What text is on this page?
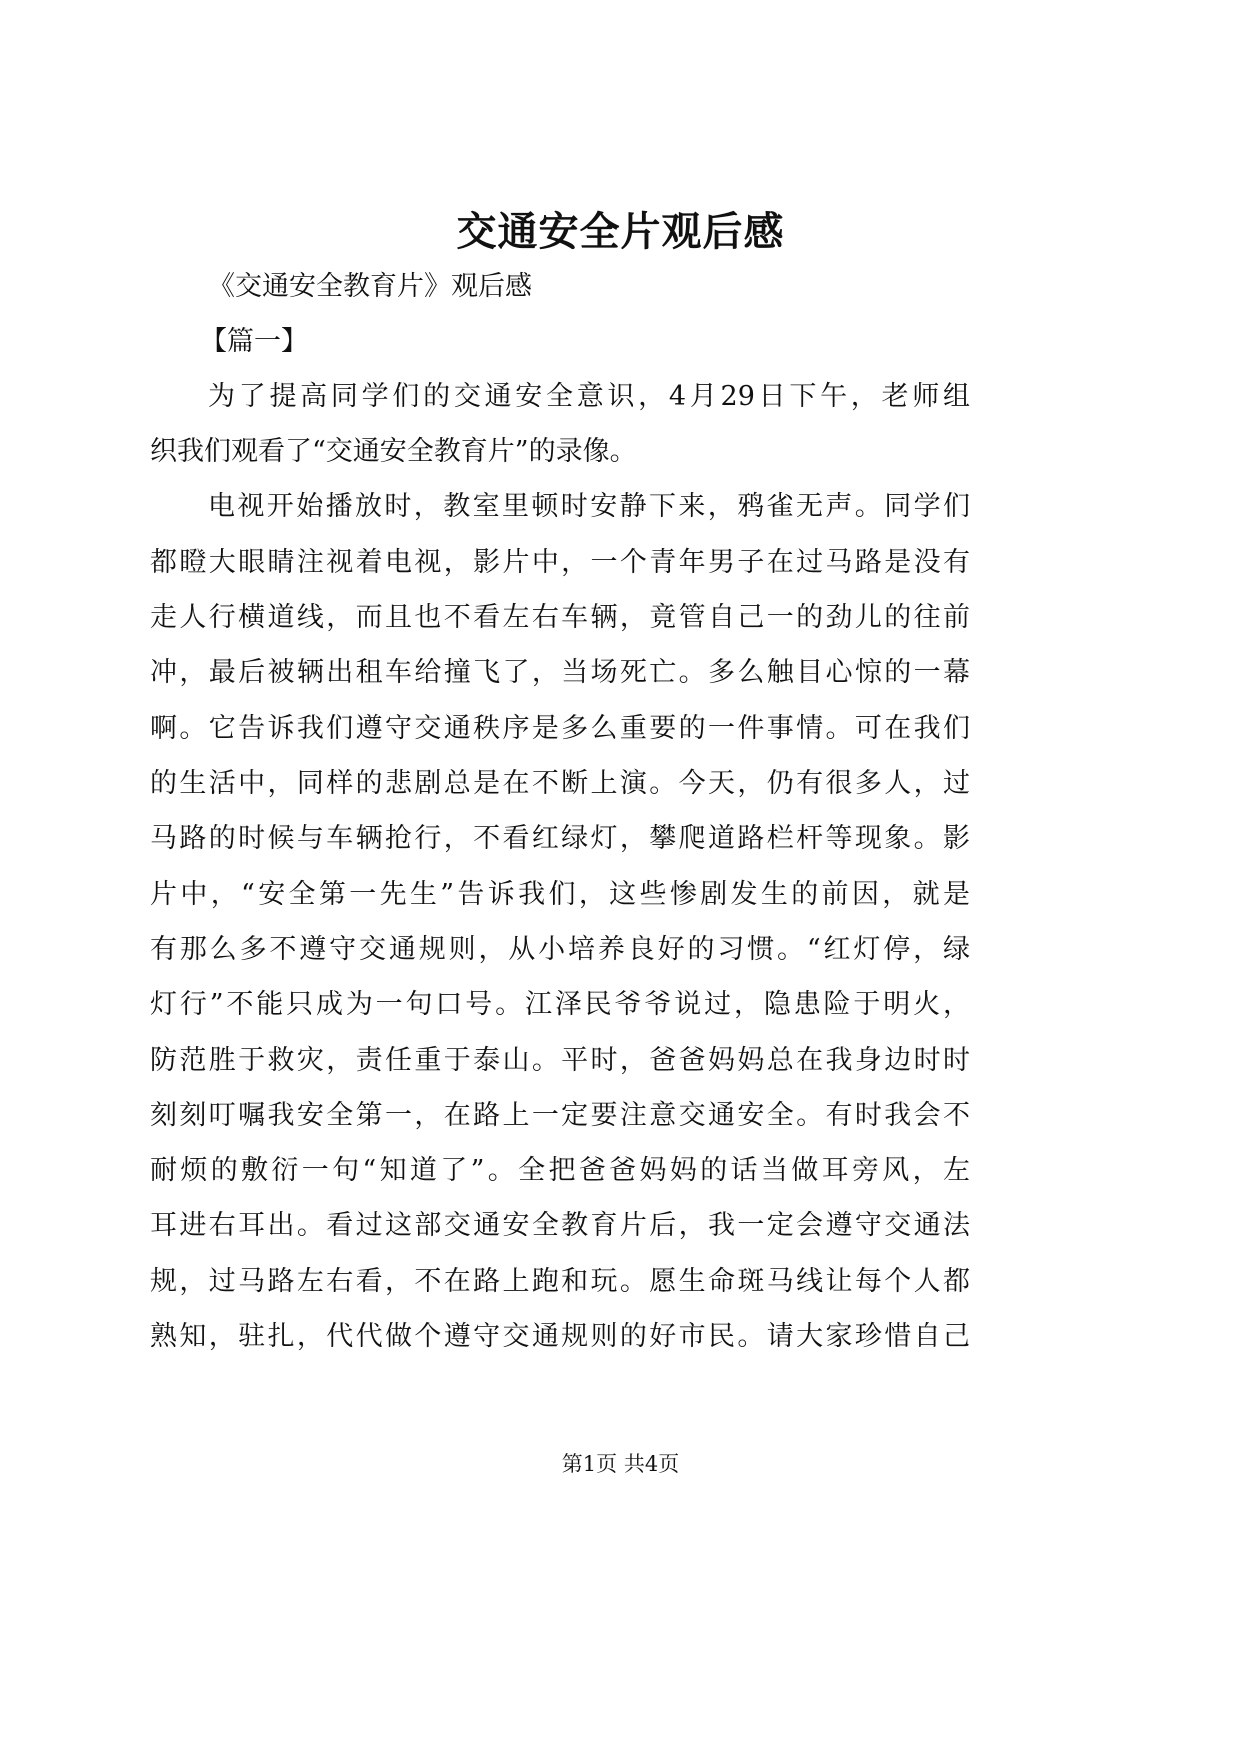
交通安全片观后感
《交通安全教育片》观后感
【篇一】
为了提高同学们的交通安全意识，4月29日下午，老师组
织我们观看了“交通安全教育片”的录像。
电视开始播放时，教室里顿时安静下来，鸦雀无声。同学们
都瞪大眼睛注视着电视，影片中，一个青年男子在过马路是没有
走人行横道线，而且也不看左右车辆，竟管自己一的劲儿的往前
冲，最后被辆出租车给撞飞了，当场死亡。多么触目心惊的一幕
啊。它告诉我们遵守交通秩序是多么重要的一件事情。可在我们
的生活中，同样的悲剧总是在不断上演。今天，仍有很多人，过
马路的时候与车辆抢行，不看红绿灯，攀爬道路栏杆等现象。影
片中，“安全第一先生”告诉我们，这些惨剧发生的前因，就是
有那么多不遵守交通规则，从小培养良好的习惯。“红灯停，绿
灯行”不能只成为一句口号。江泽民爷爷说过，隐患险于明火，
防范胜于救灾，责任重于泰山。平时，爸爸妈妈总在我身边时时
刻刻叮嘱我安全第一，在路上一定要注意交通安全。有时我会不
耐烦的敷衍一句“知道了”。全把爸爸妈妈的话当做耳旁风，左
耳进右耳出。看过这部交通安全教育片后，我一定会遵守交通法
规，过马路左右看，不在路上跑和玩。愿生命斑马线让每个人都
熟知，驻扎，代代做个遵守交通规则的好市民。请大家珍惜自己
第1页 共4页
